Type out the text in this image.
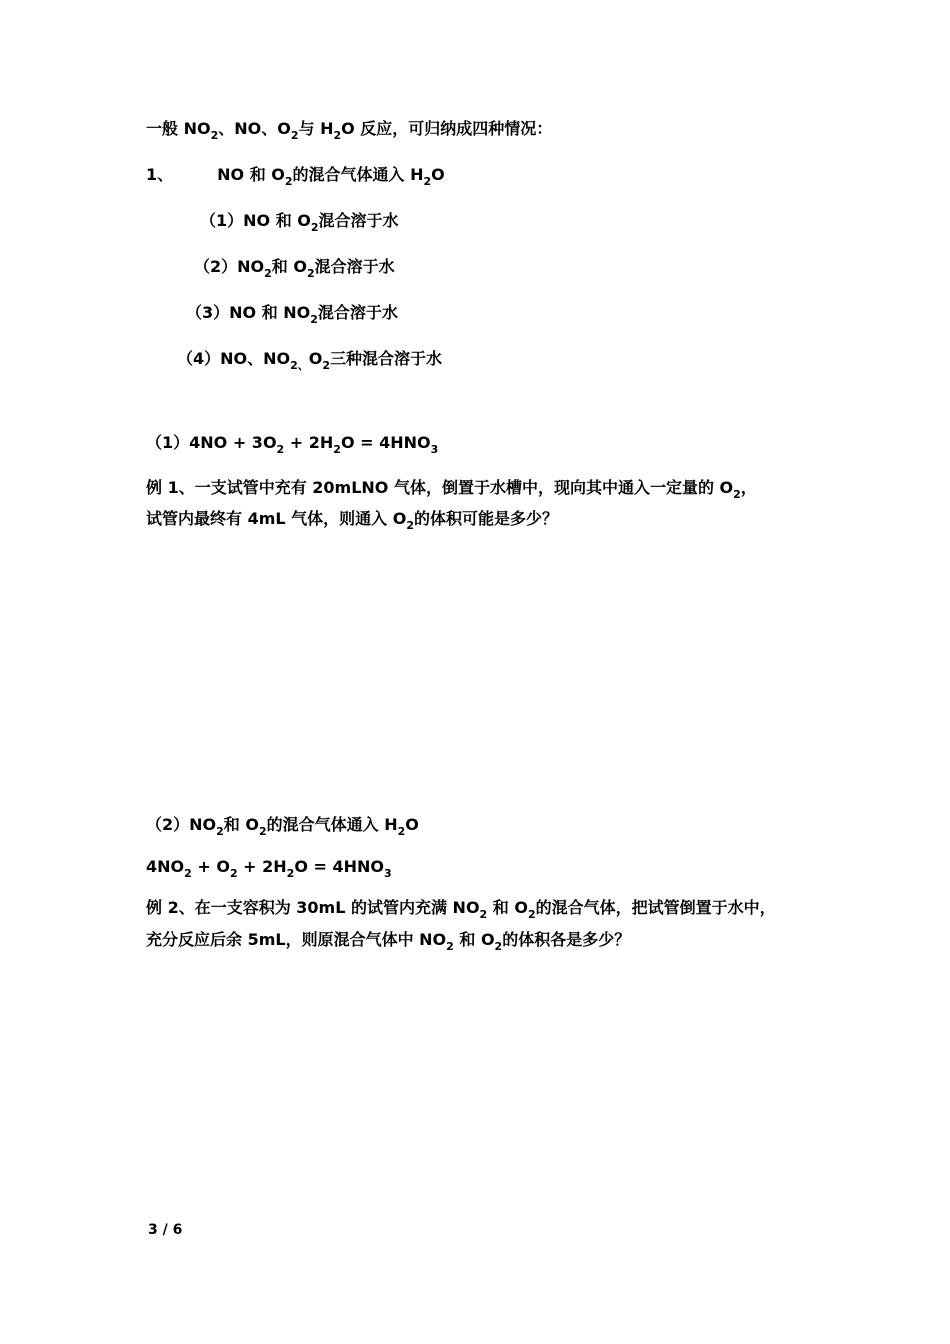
一般 $NO_2$、NO、$O_2$与 $H_2O$ 反应，可归纳成四种情况：

1、	NO 和 $O_2$的混合气体通入 $H_2O$

（1）NO 和 $O_2$混合溶于水

$(2)NO_2$和 $O_2$混合溶于水

（3）NO 和 $NO_2$混合溶于水

（4）NO、$NO_{2、}O_2$三种混合溶于水

$(1)4NO + 3O_2 + 2H_2O = 4HNO_3$

例 1、一支试管中充有 20mLNO 气体，倒置于水槽中，现向其中通入一定量的 $O_2$，

试管内最终有 4mL 气体，则通入 $O_2$的体积可能是多少？

$(2)NO_2$和 $O_2$的混合气体通入 $H_2O$

$4NO_2 + O_2 + 2H_2O = 4HNO_3$

例 2、在一支容积为 30mL 的试管内充满 $NO_2$ 和 $O_2$的混合气体，把试管倒置于水中，

充分反应后余 5mL，则原混合气体中 $NO_2$ 和 $O_2$的体积各是多少？

3 / 6
